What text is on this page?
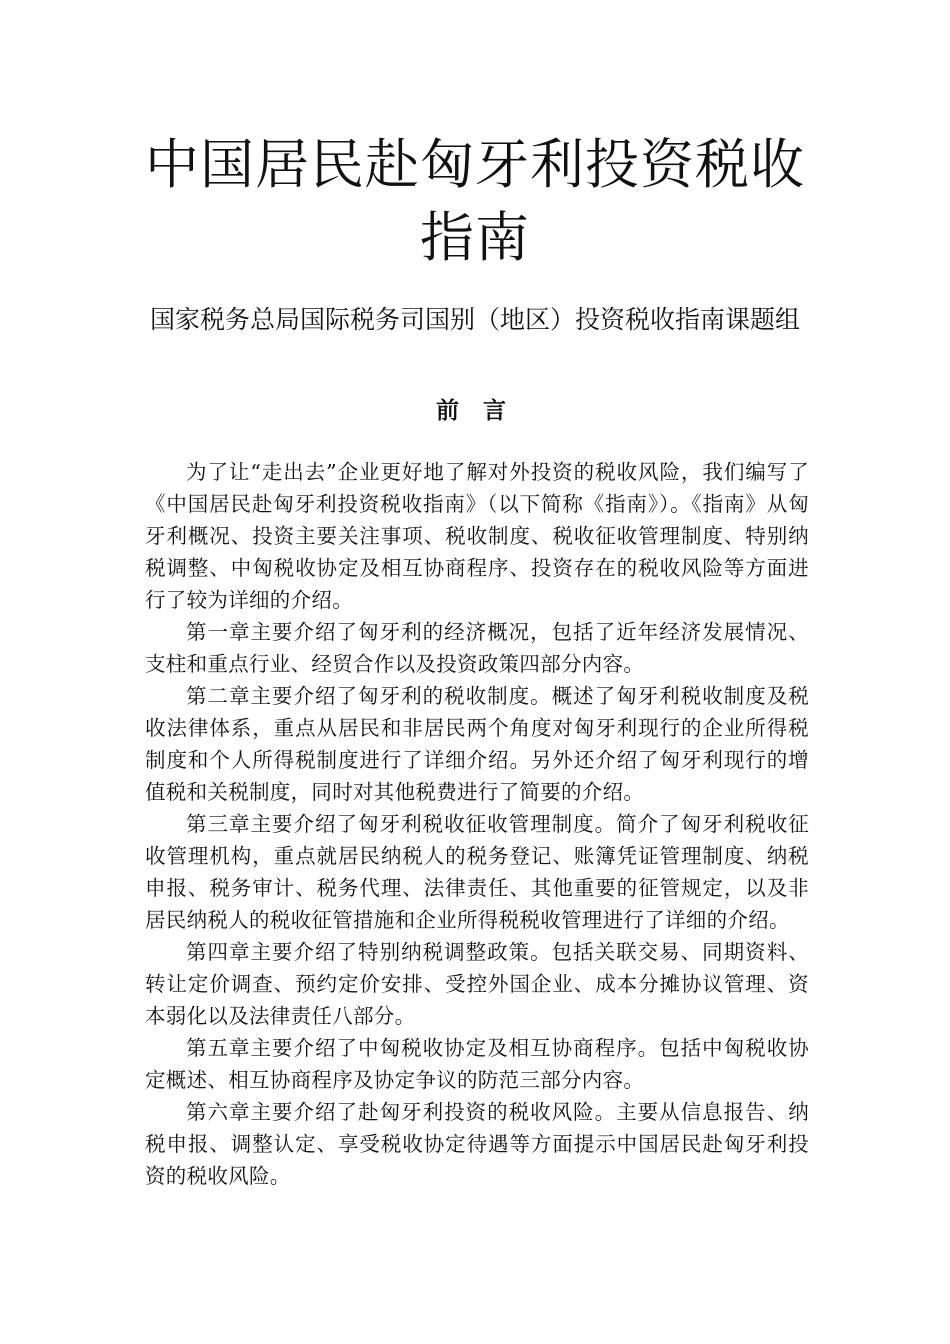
中国居民赴匈牙利投资税收指南

国家税务总局国际税务司国别（地区）投资税收指南课题组

前 言

为了让“走出去”企业更好地了解对外投资的税收风险，我们编写了《中国居民赴匈牙利投资税收指南》（以下简称《指南》）。《指南》从匈牙利概况、投资主要关注事项、税收制度、税收征收管理制度、特别纳税调整、中匈税收协定及相互协商程序、投资存在的税收风险等方面进行了较为详细的介绍。

第一章主要介绍了匈牙利的经济概况，包括了近年经济发展情况、支柱和重点行业、经贸合作以及投资政策四部分内容。

第二章主要介绍了匈牙利的税收制度。概述了匈牙利税收制度及税收法律体系，重点从居民和非居民两个角度对匈牙利现行的企业所得税制度和个人所得税制度进行了详细介绍。另外还介绍了匈牙利现行的增值税和关税制度，同时对其他税费进行了简要的介绍。

第三章主要介绍了匈牙利税收征收管理制度。简介了匈牙利税收征收管理机构，重点就居民纳税人的税务登记、账簿凭证管理制度、纳税申报、税务审计、税务代理、法律责任、其他重要的征管规定，以及非居民纳税人的税收征管措施和企业所得税税收管理进行了详细的介绍。

第四章主要介绍了特别纳税调整政策。包括关联交易、同期资料、转让定价调查、预约定价安排、受控外国企业、成本分摊协议管理、资本弱化以及法律责任八部分。

第五章主要介绍了中匈税收协定及相互协商程序。包括中匈税收协定概述、相互协商程序及协定争议的防范三部分内容。

第六章主要介绍了赴匈牙利投资的税收风险。主要从信息报告、纳税申报、调整认定、享受税收协定待遇等方面提示中国居民赴匈牙利投资的税收风险。
